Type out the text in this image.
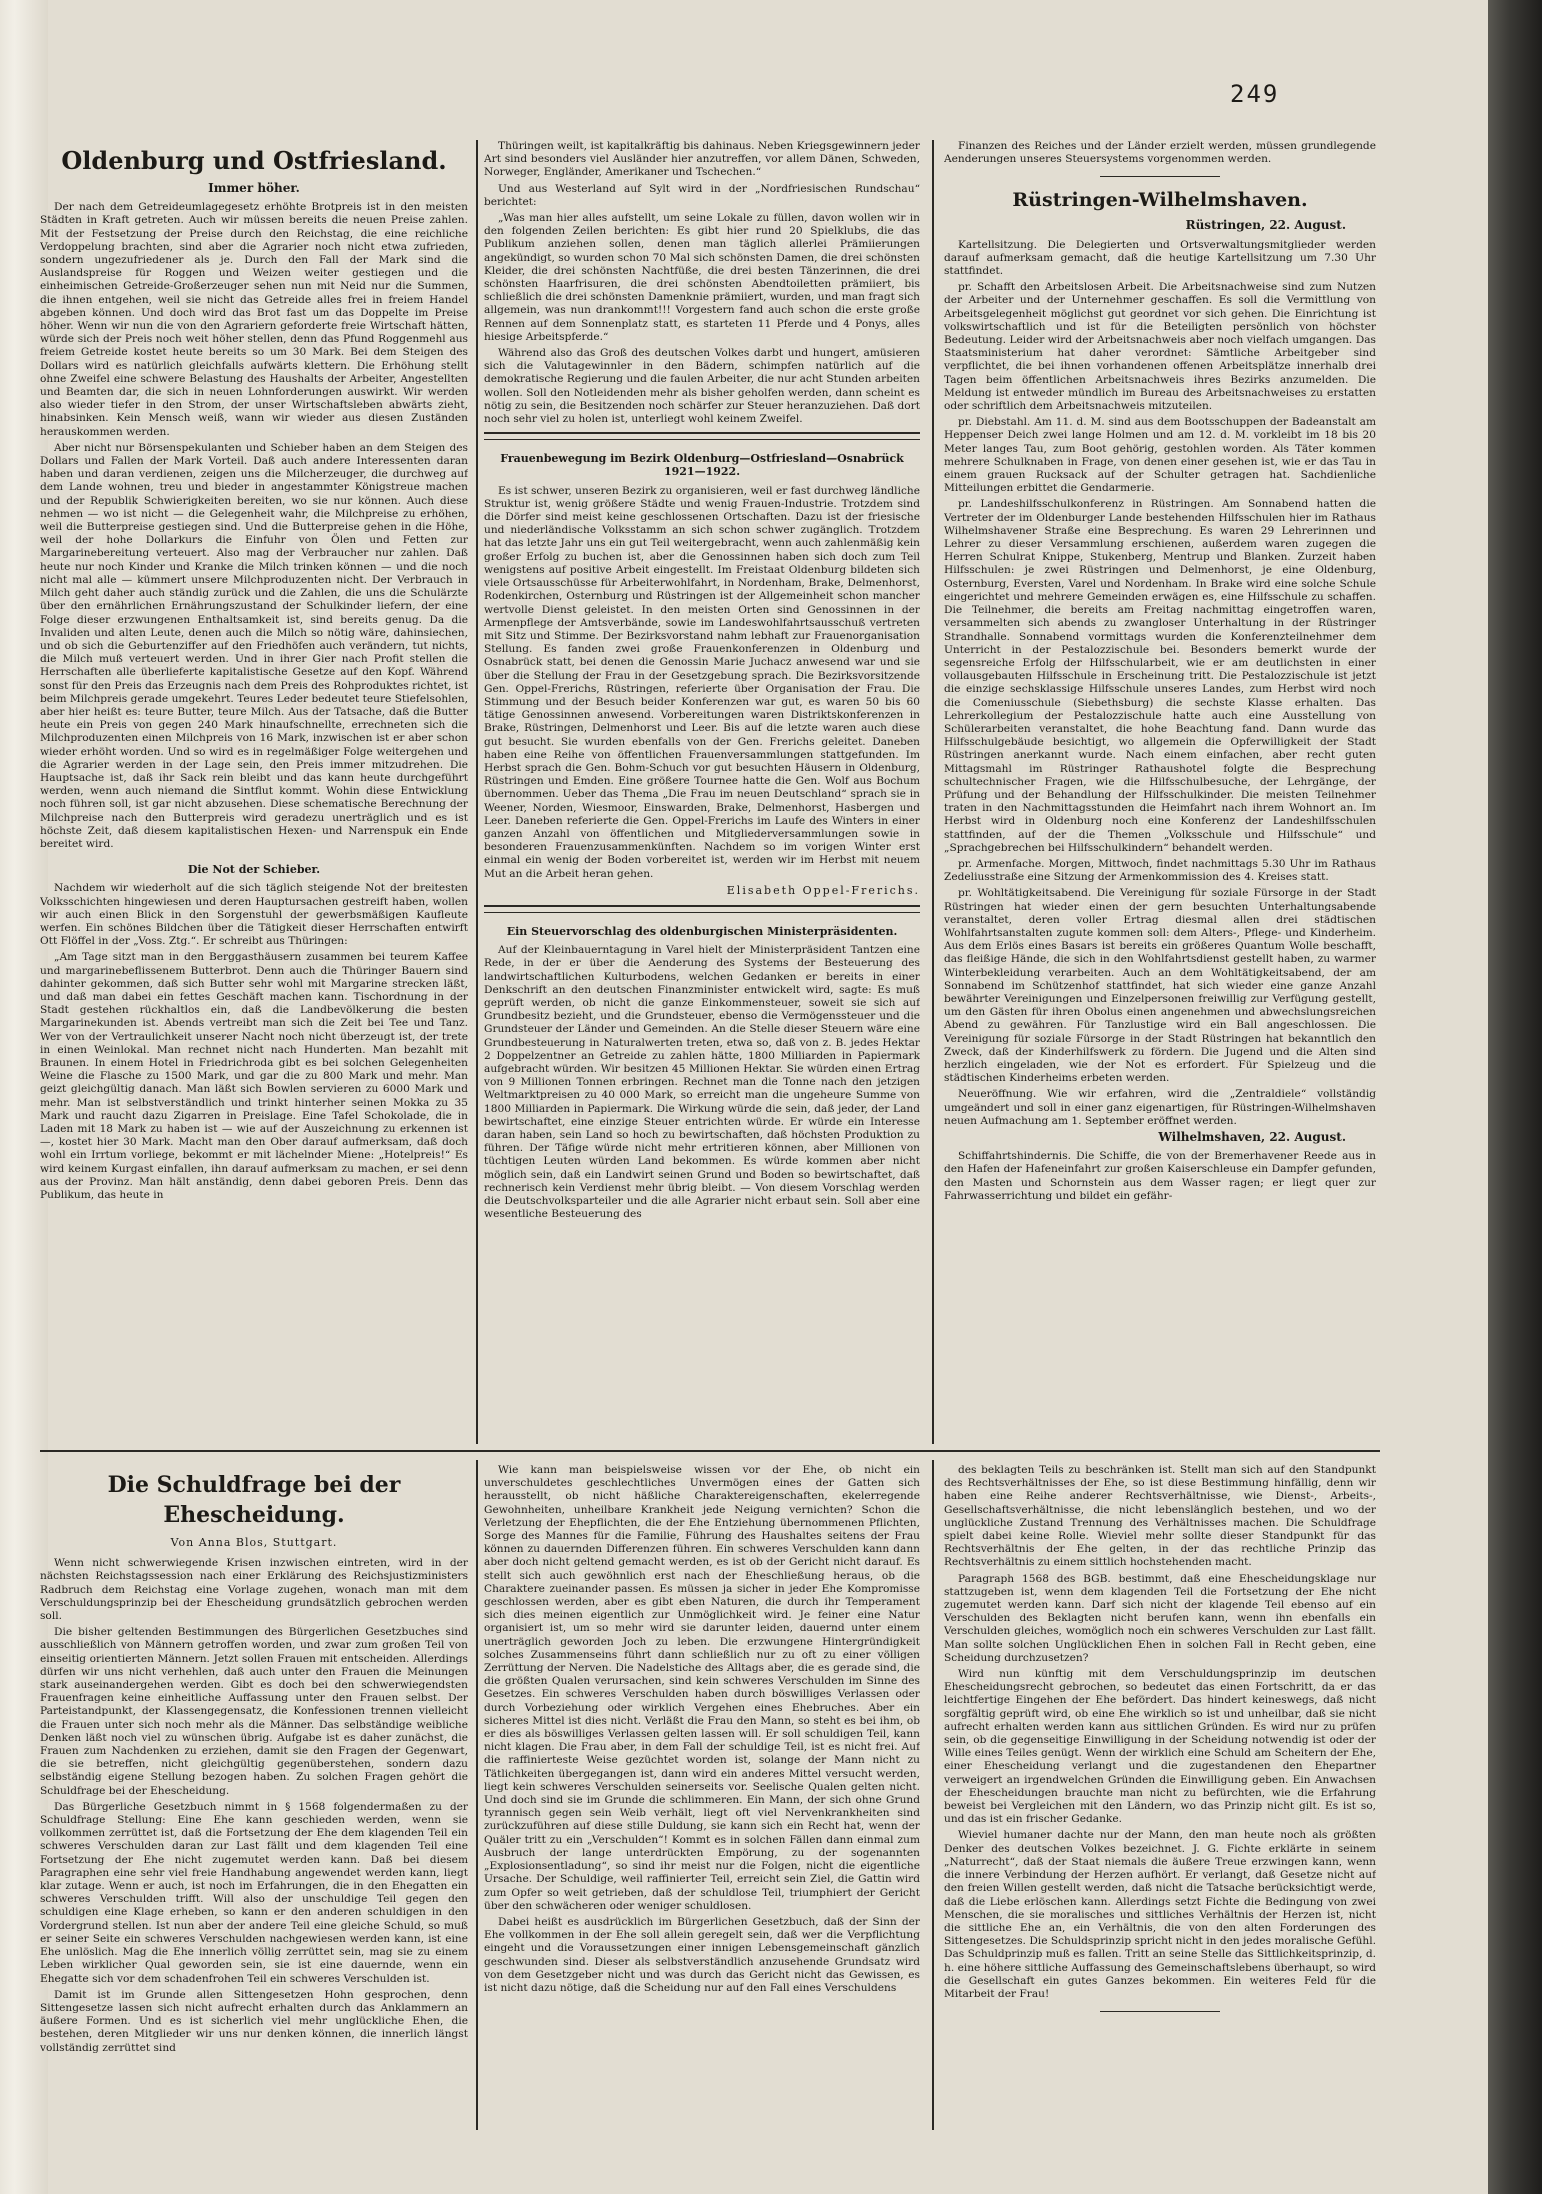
249
Oldenburg und Ostfriesland.
Immer höher.

Der nach dem Getreideumlagegesetz erhöhte Brotpreis ist in den meisten Städten in Kraft getreten. Auch wir müssen bereits die neuen Preise zahlen. Mit der Festsetzung der Preise durch den Reichstag, die eine reichliche Verdoppelung brachten, sind aber die Agrarier noch nicht etwa zufrieden, sondern ungezufriedener als je. Durch den Fall der Mark sind die Auslandspreise für Roggen und Weizen weiter gestiegen und die einheimischen Getreide-Großerzeuger sehen nun mit Neid nur die Summen, die ihnen entgehen, weil sie nicht das Getreide alles frei in freiem Handel abgeben können. Und doch wird das Brot fast um das Doppelte im Preise höher. Wenn wir nun die von den Agrariern geforderte freie Wirtschaft hätten, würde sich der Preis noch weit höher stellen, denn das Pfund Roggenmehl aus freiem Getreide kostet heute bereits so um 30 Mark. Bei dem Steigen des Dollars wird es natürlich gleichfalls aufwärts klettern. Die Erhöhung stellt ohne Zweifel eine schwere Belastung des Haushalts der Arbeiter, Angestellten und Beamten dar, die sich in neuen Lohnforderungen auswirkt. Wir werden also wieder tiefer in den Strom, der unser Wirtschaftsleben abwärts zieht, hinabsinken. Kein Mensch weiß, wann wir wieder aus diesen Zuständen herauskommen werden.

Aber nicht nur Börsenspekulanten und Schieber haben an dem Steigen des Dollars und Fallen der Mark Vorteil. Daß auch andere Interessenten daran haben und daran verdienen, zeigen uns die Milcherzeuger, die durchweg auf dem Lande wohnen, treu und bieder in angestammter Königstreue machen und der Republik Schwierigkeiten bereiten, wo sie nur können. Auch diese nehmen — wo ist nicht — die Gelegenheit wahr, die Milchpreise zu erhöhen, weil die Butterpreise gestiegen sind. Und die Butterpreise gehen in die Höhe, weil der hohe Dollarkurs die Einfuhr von Ölen und Fetten zur Margarinebereitung verteuert. Also mag der Verbraucher nur zahlen. Daß heute nur noch Kinder und Kranke die Milch trinken können — und die noch nicht mal alle — kümmert unsere Milchproduzenten nicht. Der Verbrauch in Milch geht daher auch ständig zurück und die Zahlen, die uns die Schulärzte über den ernährlichen Ernährungszustand der Schulkinder liefern, der eine Folge dieser erzwungenen Enthaltsamkeit ist, sind bereits genug. Da die Invaliden und alten Leute, denen auch die Milch so nötig wäre, dahinsiechen, und ob sich die Geburtenziffer auf den Friedhöfen auch verändern, tut nichts, die Milch muß verteuert werden. Und in ihrer Gier nach Profit stellen die Herrschaften alle überlieferte kapitalistische Gesetze auf den Kopf. Während sonst für den Preis das Erzeugnis nach dem Preis des Rohproduktes richtet, ist beim Milchpreis gerade umgekehrt. Teures Leder bedeutet teure Stiefelsohlen, aber hier heißt es: teure Butter, teure Milch. Aus der Tatsache, daß die Butter heute ein Preis von gegen 240 Mark hinaufschnellte, errechneten sich die Milchproduzenten einen Milchpreis von 16 Mark, inzwischen ist er aber schon wieder erhöht worden. Und so wird es in regelmäßiger Folge weitergehen und die Agrarier werden in der Lage sein, den Preis immer mitzudrehen. Die Hauptsache ist, daß ihr Sack rein bleibt und das kann heute durchgeführt werden, wenn auch niemand die Sintflut kommt. Wohin diese Entwicklung noch führen soll, ist gar nicht abzusehen. Diese schematische Berechnung der Milchpreise nach den Butterpreis wird geradezu unerträglich und es ist höchste Zeit, daß diesem kapitalistischen Hexen- und Narrenspuk ein Ende bereitet wird.

Die Not der Schieber.

Nachdem wir wiederholt auf die sich täglich steigende Not der breitesten Volksschichten hingewiesen und deren Hauptursachen gestreift haben, wollen wir auch einen Blick in den Sorgenstuhl der gewerbsmäßigen Kaufleute werfen. Ein schönes Bildchen über die Tätigkeit dieser Herrschaften entwirft Ott Flöffel in der „Voss. Ztg.“. Er schreibt aus Thüringen:

„Am Tage sitzt man in den Berggasthäusern zusammen bei teurem Kaffee und margarinebeflissenem Butterbrot. Denn auch die Thüringer Bauern sind dahinter gekommen, daß sich Butter sehr wohl mit Margarine strecken läßt, und daß man dabei ein fettes Geschäft machen kann. Tischordnung in der Stadt gestehen rückhaltlos ein, daß die Landbevölkerung die besten Margarinekunden ist. Abends vertreibt man sich die Zeit bei Tee und Tanz. Wer von der Vertraulichkeit unserer Nacht noch nicht überzeugt ist, der trete in einen Weinlokal. Man rechnet nicht nach Hunderten. Man bezahlt mit Braunen. In einem Hotel in Friedrichroda gibt es bei solchen Gelegenheiten Weine die Flasche zu 1500 Mark, und gar die zu 800 Mark und mehr. Man geizt gleichgültig danach. Man läßt sich Bowlen servieren zu 6000 Mark und mehr. Man ist selbstverständlich und trinkt hinterher seinen Mokka zu 35 Mark und raucht dazu Zigarren in Preislage. Eine Tafel Schokolade, die in Laden mit 18 Mark zu haben ist — wie auf der Auszeichnung zu erkennen ist —, kostet hier 30 Mark. Macht man den Ober darauf aufmerksam, daß doch wohl ein Irrtum vorliege, bekommt er mit lächelnder Miene: „Hotelpreis!“ Es wird keinem Kurgast einfallen, ihn darauf aufmerksam zu machen, er sei denn aus der Provinz. Man hält anständig, denn dabei geboren Preis. Denn das Publikum, das heute in

Thüringen weilt, ist kapitalkräftig bis dahinaus. Neben Kriegsgewinnern jeder Art sind besonders viel Ausländer hier anzutreffen, vor allem Dänen, Schweden, Norweger, Engländer, Amerikaner und Tschechen.“

Und aus Westerland auf Sylt wird in der „Nordfriesischen Rundschau“ berichtet:

„Was man hier alles aufstellt, um seine Lokale zu füllen, davon wollen wir in den folgenden Zeilen berichten: Es gibt hier rund 20 Spielklubs, die das Publikum anziehen sollen, denen man täglich allerlei Prämiierungen angekündigt, so wurden schon 70 Mal sich schönsten Damen, die drei schönsten Kleider, die drei schönsten Nachtfüße, die drei besten Tänzerinnen, die drei schönsten Haarfrisuren, die drei schönsten Abendtoiletten prämiiert, bis schließlich die drei schönsten Damenknie prämiiert, wurden, und man fragt sich allgemein, was nun drankommt!!! Vorgestern fand auch schon die erste große Rennen auf dem Sonnenplatz statt, es starteten 11 Pferde und 4 Ponys, alles hiesige Arbeitspferde.“

Während also das Groß des deutschen Volkes darbt und hungert, amüsieren sich die Valutagewinnler in den Bädern, schimpfen natürlich auf die demokratische Regierung und die faulen Arbeiter, die nur acht Stunden arbeiten wollen. Soll den Notleidenden mehr als bisher geholfen werden, dann scheint es nötig zu sein, die Besitzenden noch schärfer zur Steuer heranzuziehen. Daß dort noch sehr viel zu holen ist, unterliegt wohl keinem Zweifel.

Frauenbewegung im Bezirk Oldenburg—Ostfriesland—Osnabrück 1921—1922.

Es ist schwer, unseren Bezirk zu organisieren, weil er fast durchweg ländliche Struktur ist, wenig größere Städte und wenig Frauen-Industrie. Trotzdem sind die Dörfer sind meist keine geschlossenen Ortschaften. Dazu ist der friesische und niederländische Volksstamm an sich schon schwer zugänglich. Trotzdem hat das letzte Jahr uns ein gut Teil weitergebracht, wenn auch zahlenmäßig kein großer Erfolg zu buchen ist, aber die Genossinnen haben sich doch zum Teil wenigstens auf positive Arbeit eingestellt. Im Freistaat Oldenburg bildeten sich viele Ortsausschüsse für Arbeiterwohlfahrt, in Nordenham, Brake, Delmenhorst, Rodenkirchen, Osternburg und Rüstringen ist der Allgemeinheit schon mancher wertvolle Dienst geleistet. In den meisten Orten sind Genossinnen in der Armenpflege der Amtsverbände, sowie im Landeswohlfahrtsausschuß vertreten mit Sitz und Stimme. Der Bezirksvorstand nahm lebhaft zur Frauenorganisation Stellung. Es fanden zwei große Frauenkonferenzen in Oldenburg und Osnabrück statt, bei denen die Genossin Marie Juchacz anwesend war und sie über die Stellung der Frau in der Gesetzgebung sprach. Die Bezirksvorsitzende Gen. Oppel-Frerichs, Rüstringen, referierte über Organisation der Frau. Die Stimmung und der Besuch beider Konferenzen war gut, es waren 50 bis 60 tätige Genossinnen anwesend. Vorbereitungen waren Distriktskonferenzen in Brake, Rüstringen, Delmenhorst und Leer. Bis auf die letzte waren auch diese gut besucht. Sie wurden ebenfalls von der Gen. Frerichs geleitet. Daneben haben eine Reihe von öffentlichen Frauenversammlungen stattgefunden. Im Herbst sprach die Gen. Bohm-Schuch vor gut besuchten Häusern in Oldenburg, Rüstringen und Emden. Eine größere Tournee hatte die Gen. Wolf aus Bochum übernommen. Ueber das Thema „Die Frau im neuen Deutschland“ sprach sie in Weener, Norden, Wiesmoor, Einswarden, Brake, Delmenhorst, Hasbergen und Leer. Daneben referierte die Gen. Oppel-Frerichs im Laufe des Winters in einer ganzen Anzahl von öffentlichen und Mitgliederversammlungen sowie in besonderen Frauenzusammenkünften. Nachdem so im vorigen Winter erst einmal ein wenig der Boden vorbereitet ist, werden wir im Herbst mit neuem Mut an die Arbeit heran gehen.

Elisabeth Oppel-Frerichs.
Ein Steuervorschlag des oldenburgischen Ministerpräsidenten.

Auf der Kleinbauerntagung in Varel hielt der Ministerpräsident Tantzen eine Rede, in der er über die Aenderung des Systems der Besteuerung des landwirtschaftlichen Kulturbodens, welchen Gedanken er bereits in einer Denkschrift an den deutschen Finanzminister entwickelt wird, sagte: Es muß geprüft werden, ob nicht die ganze Einkommensteuer, soweit sie sich auf Grundbesitz bezieht, und die Grundsteuer, ebenso die Vermögenssteuer und die Grundsteuer der Länder und Gemeinden. An die Stelle dieser Steuern wäre eine Grundbesteuerung in Naturalwerten treten, etwa so, daß von z. B. jedes Hektar 2 Doppelzentner an Getreide zu zahlen hätte, 1800 Milliarden in Papiermark aufgebracht würden. Wir besitzen 45 Millionen Hektar. Sie würden einen Ertrag von 9 Millionen Tonnen erbringen. Rechnet man die Tonne nach den jetzigen Weltmarktpreisen zu 40 000 Mark, so erreicht man die ungeheure Summe von 1800 Milliarden in Papiermark. Die Wirkung würde die sein, daß jeder, der Land bewirtschaftet, eine einzige Steuer entrichten würde. Er würde ein Interesse daran haben, sein Land so hoch zu bewirtschaften, daß höchsten Produktion zu führen. Der Täfige würde nicht mehr ertritieren können, aber Millionen von tüchtigen Leuten würden Land bekommen. Es würde kommen aber nicht möglich sein, daß ein Landwirt seinen Grund und Boden so bewirtschaftet, daß rechnerisch kein Verdienst mehr übrig bleibt. — Von diesem Vorschlag werden die Deutschvolksparteiler und die alle Agrarier nicht erbaut sein. Soll aber eine wesentliche Besteuerung des

Finanzen des Reiches und der Länder erzielt werden, müssen grundlegende Aenderungen unseres Steuersystems vorgenommen werden.

Rüstringen-Wilhelmshaven.
Rüstringen, 22. August.

Kartellsitzung. Die Delegierten und Ortsverwaltungsmitglieder werden darauf aufmerksam gemacht, daß die heutige Kartellsitzung um 7.30 Uhr stattfindet.

pr. Schafft den Arbeitslosen Arbeit. Die Arbeitsnachweise sind zum Nutzen der Arbeiter und der Unternehmer geschaffen. Es soll die Vermittlung von Arbeitsgelegenheit möglichst gut geordnet vor sich gehen. Die Einrichtung ist volkswirtschaftlich und ist für die Beteiligten persönlich von höchster Bedeutung. Leider wird der Arbeitsnachweis aber noch vielfach umgangen. Das Staatsministerium hat daher verordnet: Sämtliche Arbeitgeber sind verpflichtet, die bei ihnen vorhandenen offenen Arbeitsplätze innerhalb drei Tagen beim öffentlichen Arbeitsnachweis ihres Bezirks anzumelden. Die Meldung ist entweder mündlich im Bureau des Arbeitsnachweises zu erstatten oder schriftlich dem Arbeitsnachweis mitzuteilen.

pr. Diebstahl. Am 11. d. M. sind aus dem Bootsschuppen der Badeanstalt am Heppenser Deich zwei lange Holmen und am 12. d. M. vorkleibt im 18 bis 20 Meter langes Tau, zum Boot gehörig, gestohlen worden. Als Täter kommen mehrere Schulknaben in Frage, von denen einer gesehen ist, wie er das Tau in einem grauen Rucksack auf der Schulter getragen hat. Sachdienliche Mitteilungen erbittet die Gendarmerie.

pr. Landeshilfsschulkonferenz in Rüstringen. Am Sonnabend hatten die Vertreter der im Oldenburger Lande bestehenden Hilfsschulen hier im Rathaus Wilhelmshavener Straße eine Besprechung. Es waren 29 Lehrerinnen und Lehrer zu dieser Versammlung erschienen, außerdem waren zugegen die Herren Schulrat Knippe, Stukenberg, Mentrup und Blanken. Zurzeit haben Hilfsschulen: je zwei Rüstringen und Delmenhorst, je eine Oldenburg, Osternburg, Eversten, Varel und Nordenham. In Brake wird eine solche Schule eingerichtet und mehrere Gemeinden erwägen es, eine Hilfsschule zu schaffen. Die Teilnehmer, die bereits am Freitag nachmittag eingetroffen waren, versammelten sich abends zu zwangloser Unterhaltung in der Rüstringer Strandhalle. Sonnabend vormittags wurden die Konferenzteilnehmer dem Unterricht in der Pestalozzischule bei. Besonders bemerkt wurde der segensreiche Erfolg der Hilfsschularbeit, wie er am deutlichsten in einer vollausgebauten Hilfsschule in Erscheinung tritt. Die Pestalozzischule ist jetzt die einzige sechsklassige Hilfsschule unseres Landes, zum Herbst wird noch die Comeniusschule (Siebethsburg) die sechste Klasse erhalten. Das Lehrerkollegium der Pestalozzischule hatte auch eine Ausstellung von Schülerarbeiten veranstaltet, die hohe Beachtung fand. Dann wurde das Hilfsschulgebäude besichtigt, wo allgemein die Opferwilligkeit der Stadt Rüstringen anerkannt wurde. Nach einem einfachen, aber recht guten Mittagsmahl im Rüstringer Rathaushotel folgte die Besprechung schultechnischer Fragen, wie die Hilfsschulbesuche, der Lehrgänge, der Prüfung und der Behandlung der Hilfsschulkinder. Die meisten Teilnehmer traten in den Nachmittagsstunden die Heimfahrt nach ihrem Wohnort an. Im Herbst wird in Oldenburg noch eine Konferenz der Landeshilfsschulen stattfinden, auf der die Themen „Volksschule und Hilfsschule“ und „Sprachgebrechen bei Hilfsschulkindern“ behandelt werden.

pr. Armenfache. Morgen, Mittwoch, findet nachmittags 5.30 Uhr im Rathaus Zedeliusstraße eine Sitzung der Armenkommission des 4. Kreises statt.

pr. Wohltätigkeitsabend. Die Vereinigung für soziale Fürsorge in der Stadt Rüstringen hat wieder einen der gern besuchten Unterhaltungsabende veranstaltet, deren voller Ertrag diesmal allen drei städtischen Wohlfahrtsanstalten zugute kommen soll: dem Alters-, Pflege- und Kinderheim. Aus dem Erlös eines Basars ist bereits ein größeres Quantum Wolle beschafft, das fleißige Hände, die sich in den Wohlfahrtsdienst gestellt haben, zu warmer Winterbekleidung verarbeiten. Auch an dem Wohltätigkeitsabend, der am Sonnabend im Schützenhof stattfindet, hat sich wieder eine ganze Anzahl bewährter Vereinigungen und Einzelpersonen freiwillig zur Verfügung gestellt, um den Gästen für ihren Obolus einen angenehmen und abwechslungsreichen Abend zu gewähren. Für Tanzlustige wird ein Ball angeschlossen. Die Vereinigung für soziale Fürsorge in der Stadt Rüstringen hat bekanntlich den Zweck, daß der Kinderhilfswerk zu fördern. Die Jugend und die Alten sind herzlich eingeladen, wie der Not es erfordert. Für Spielzeug und die städtischen Kinderheims erbeten werden.

Neueröffnung. Wie wir erfahren, wird die „Zentraldiele“ vollständig umgeändert und soll in einer ganz eigenartigen, für Rüstringen-Wilhelmshaven neuen Aufmachung am 1. September eröffnet werden.

Wilhelmshaven, 22. August.

Schiffahrtshindernis. Die Schiffe, die von der Bremerhavener Reede aus in den Hafen der Hafeneinfahrt zur großen Kaiserschleuse ein Dampfer gefunden, den Masten und Schornstein aus dem Wasser ragen; er liegt quer zur Fahrwasserrichtung und bildet ein gefähr-

Die Schuldfrage bei der Ehescheidung.
Von Anna Blos, Stuttgart.

Wenn nicht schwerwiegende Krisen inzwischen eintreten, wird in der nächsten Reichstagssession nach einer Erklärung des Reichsjustizministers Radbruch dem Reichstag eine Vorlage zugehen, wonach man mit dem Verschuldungsprinzip bei der Ehescheidung grundsätzlich gebrochen werden soll.

Die bisher geltenden Bestimmungen des Bürgerlichen Gesetzbuches sind ausschließlich von Männern getroffen worden, und zwar zum großen Teil von einseitig orientierten Männern. Jetzt sollen Frauen mit entscheiden. Allerdings dürfen wir uns nicht verhehlen, daß auch unter den Frauen die Meinungen stark auseinandergehen werden. Gibt es doch bei den schwerwiegendsten Frauenfragen keine einheitliche Auffassung unter den Frauen selbst. Der Parteistandpunkt, der Klassengegensatz, die Konfessionen trennen vielleicht die Frauen unter sich noch mehr als die Männer. Das selbständige weibliche Denken läßt noch viel zu wünschen übrig. Aufgabe ist es daher zunächst, die Frauen zum Nachdenken zu erziehen, damit sie den Fragen der Gegenwart, die sie betreffen, nicht gleichgültig gegenüberstehen, sondern dazu selbständig eigene Stellung bezogen haben. Zu solchen Fragen gehört die Schuldfrage bei der Ehescheidung.

Das Bürgerliche Gesetzbuch nimmt in § 1568 folgendermaßen zu der Schuldfrage Stellung: Eine Ehe kann geschieden werden, wenn sie vollkommen zerrüttet ist, daß die Fortsetzung der Ehe dem klagenden Teil ein schweres Verschulden daran zur Last fällt und dem klagenden Teil eine Fortsetzung der Ehe nicht zugemutet werden kann. Daß bei diesem Paragraphen eine sehr viel freie Handhabung angewendet werden kann, liegt klar zutage. Wenn er auch, ist noch im Erfahrungen, die in den Ehegatten ein schweres Verschulden trifft. Will also der unschuldige Teil gegen den schuldigen eine Klage erheben, so kann er den anderen schuldigen in den Vordergrund stellen. Ist nun aber der andere Teil eine gleiche Schuld, so muß er seiner Seite ein schweres Verschulden nachgewiesen werden kann, ist eine Ehe unlöslich. Mag die Ehe innerlich völlig zerrüttet sein, mag sie zu einem Leben wirklicher Qual geworden sein, sie ist eine dauernde, wenn ein Ehegatte sich vor dem schadenfrohen Teil ein schweres Verschulden ist.

Damit ist im Grunde allen Sittengesetzen Hohn gesprochen, denn Sittengesetze lassen sich nicht aufrecht erhalten durch das Anklammern an äußere Formen. Und es ist sicherlich viel mehr unglückliche Ehen, die bestehen, deren Mitglieder wir uns nur denken können, die innerlich längst vollständig zerrüttet sind

Wie kann man beispielsweise wissen vor der Ehe, ob nicht ein unverschuldetes geschlechtliches Unvermögen eines der Gatten sich herausstellt, ob nicht häßliche Charaktereigenschaften, ekelerregende Gewohnheiten, unheilbare Krankheit jede Neigung vernichten? Schon die Verletzung der Ehepflichten, die der Ehe Entziehung übernommenen Pflichten, Sorge des Mannes für die Familie, Führung des Haushaltes seitens der Frau können zu dauernden Differenzen führen. Ein schweres Verschulden kann dann aber doch nicht geltend gemacht werden, es ist ob der Gericht nicht darauf. Es stellt sich auch gewöhnlich erst nach der Eheschließung heraus, ob die Charaktere zueinander passen. Es müssen ja sicher in jeder Ehe Kompromisse geschlossen werden, aber es gibt eben Naturen, die durch ihr Temperament sich dies meinen eigentlich zur Unmöglichkeit wird. Je feiner eine Natur organisiert ist, um so mehr wird sie darunter leiden, dauernd unter einem unerträglich geworden Joch zu leben. Die erzwungene Hintergründigkeit solches Zusammenseins führt dann schließlich nur zu oft zu einer völligen Zerrüttung der Nerven. Die Nadelstiche des Alltags aber, die es gerade sind, die die größten Qualen verursachen, sind kein schweres Verschulden im Sinne des Gesetzes. Ein schweres Verschulden haben durch böswilliges Verlassen oder durch Vorbeziehung oder wirklich Vergehen eines Ehebruches. Aber ein sicheres Mittel ist dies nicht. Verläßt die Frau den Mann, so steht es bei ihm, ob er dies als böswilliges Verlassen gelten lassen will. Er soll schuldigen Teil, kann nicht klagen. Die Frau aber, in dem Fall der schuldige Teil, ist es nicht frei. Auf die raffinierteste Weise gezüchtet worden ist, solange der Mann nicht zu Tätlichkeiten übergegangen ist, dann wird ein anderes Mittel versucht werden, liegt kein schweres Verschulden seinerseits vor. Seelische Qualen gelten nicht. Und doch sind sie im Grunde die schlimmeren. Ein Mann, der sich ohne Grund tyrannisch gegen sein Weib verhält, liegt oft viel Nervenkrankheiten sind zurückzuführen auf diese stille Duldung, sie kann sich ein Recht hat, wenn der Quäler tritt zu ein „Verschulden“! Kommt es in solchen Fällen dann einmal zum Ausbruch der lange unterdrückten Empörung, zu der sogenannten „Explosionsentladung“, so sind ihr meist nur die Folgen, nicht die eigentliche Ursache. Der Schuldige, weil raffinierter Teil, erreicht sein Ziel, die Gattin wird zum Opfer so weit getrieben, daß der schuldlose Teil, triumphiert der Gericht über den schwächeren oder weniger schuldlosen.

Dabei heißt es ausdrücklich im Bürgerlichen Gesetzbuch, daß der Sinn der Ehe vollkommen in der Ehe soll allein geregelt sein, daß wer die Verpflichtung eingeht und die Voraussetzungen einer innigen Lebensgemeinschaft gänzlich geschwunden sind. Dieser als selbstverständlich anzusehende Grundsatz wird von dem Gesetzgeber nicht und was durch das Gericht nicht das Gewissen, es ist nicht dazu nötige, daß die Scheidung nur auf den Fall eines Verschuldens

des beklagten Teils zu beschränken ist. Stellt man sich auf den Standpunkt des Rechtsverhältnisses der Ehe, so ist diese Bestimmung hinfällig, denn wir haben eine Reihe anderer Rechtsverhältnisse, wie Dienst-, Arbeits-, Gesellschaftsverhältnisse, die nicht lebenslänglich bestehen, und wo der unglückliche Zustand Trennung des Verhältnisses machen. Die Schuldfrage spielt dabei keine Rolle. Wieviel mehr sollte dieser Standpunkt für das Rechtsverhältnis der Ehe gelten, in der das rechtliche Prinzip das Rechtsverhältnis zu einem sittlich hochstehenden macht.

Paragraph 1568 des BGB. bestimmt, daß eine Ehescheidungsklage nur stattzugeben ist, wenn dem klagenden Teil die Fortsetzung der Ehe nicht zugemutet werden kann. Darf sich nicht der klagende Teil ebenso auf ein Verschulden des Beklagten nicht berufen kann, wenn ihn ebenfalls ein Verschulden gleiches, womöglich noch ein schweres Verschulden zur Last fällt. Man sollte solchen Unglücklichen Ehen in solchen Fall in Recht geben, eine Scheidung durchzusetzen?

Wird nun künftig mit dem Verschuldungsprinzip im deutschen Ehescheidungsrecht gebrochen, so bedeutet das einen Fortschritt, da er das leichtfertige Eingehen der Ehe befördert. Das hindert keineswegs, daß nicht sorgfältig geprüft wird, ob eine Ehe wirklich so ist und unheilbar, daß sie nicht aufrecht erhalten werden kann aus sittlichen Gründen. Es wird nur zu prüfen sein, ob die gegenseitige Einwilligung in der Scheidung notwendig ist oder der Wille eines Teiles genügt. Wenn der wirklich eine Schuld am Scheitern der Ehe, einer Ehescheidung verlangt und die zugestandenen den Ehepartner verweigert an irgendwelchen Gründen die Einwilligung geben. Ein Anwachsen der Ehescheidungen brauchte man nicht zu befürchten, wie die Erfahrung beweist bei Vergleichen mit den Ländern, wo das Prinzip nicht gilt. Es ist so, und das ist ein frischer Gedanke.

Wieviel humaner dachte nur der Mann, den man heute noch als größten Denker des deutschen Volkes bezeichnet. J. G. Fichte erklärte in seinem „Naturrecht“, daß der Staat niemals die äußere Treue erzwingen kann, wenn die innere Verbindung der Herzen aufhört. Er verlangt, daß Gesetze nicht auf den freien Willen gestellt werden, daß nicht die Tatsache berücksichtigt werde, daß die Liebe erlöschen kann. Allerdings setzt Fichte die Bedingung von zwei Menschen, die sie moralisches und sittliches Verhältnis der Herzen ist, nicht die sittliche Ehe an, ein Verhältnis, die von den alten Forderungen des Sittengesetzes. Die Schuldsprinzip spricht nicht in den jedes moralische Gefühl. Das Schuldprinzip muß es fallen. Tritt an seine Stelle das Sittlichkeitsprinzip, d. h. eine höhere sittliche Auffassung des Gemeinschaftslebens überhaupt, so wird die Gesellschaft ein gutes Ganzes bekommen. Ein weiteres Feld für die Mitarbeit der Frau!
